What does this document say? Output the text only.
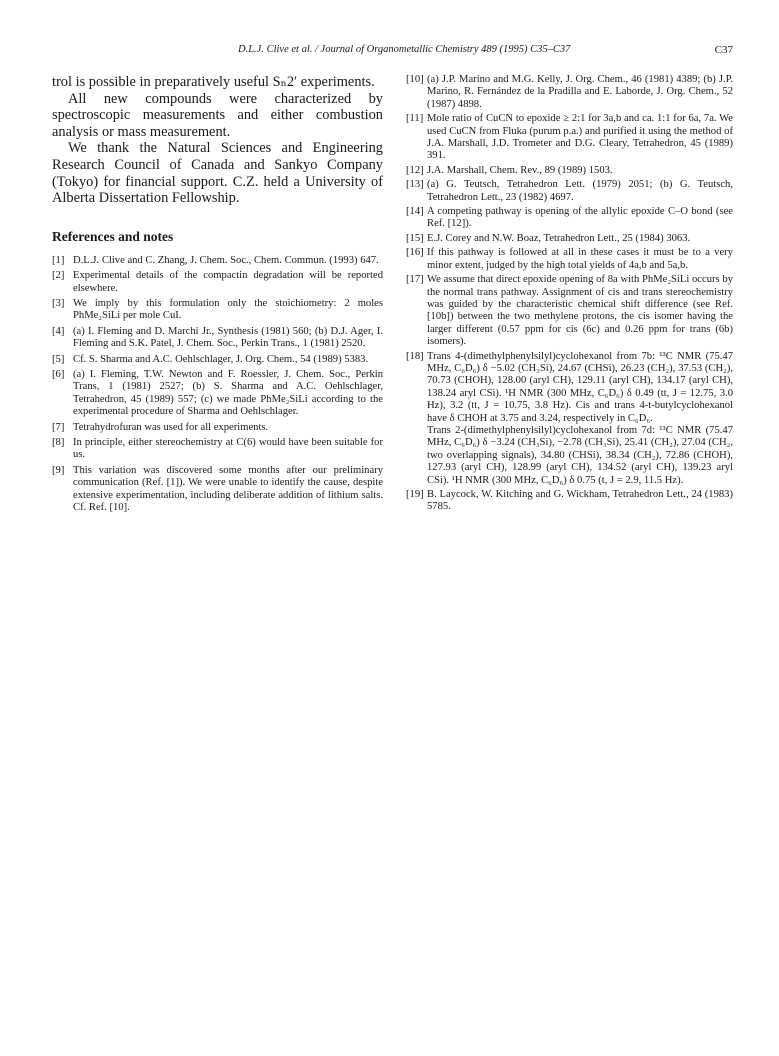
D.L.J. Clive et al. / Journal of Organometallic Chemistry 489 (1995) C35–C37	C37

trol is possible in preparatively useful Sₙ2′ experiments.

All new compounds were characterized by spectroscopic measurements and either combustion analysis or mass measurement.

We thank the Natural Sciences and Engineering Research Council of Canada and Sankyo Company (Tokyo) for financial support. C.Z. held a University of Alberta Dissertation Fellowship.

References and notes
[1] D.L.J. Clive and C. Zhang, J. Chem. Soc., Chem. Commun. (1993) 647.
[2] Experimental details of the compactin degradation will be reported elsewhere.
[3] We imply by this formulation only the stoichiometry: 2 moles PhMe₂SiLi per mole CuI.
[4] (a) I. Fleming and D. Marchi Jr., Synthesis (1981) 560; (b) D.J. Ager, I. Fleming and S.K. Patel, J. Chem. Soc., Perkin Trans., 1 (1981) 2520.
[5] Cf. S. Sharma and A.C. Oehlschlager, J. Org. Chem., 54 (1989) 5383.
[6] (a) I. Fleming, T.W. Newton and F. Roessler, J. Chem. Soc., Perkin Trans, 1 (1981) 2527; (b) S. Sharma and A.C. Oehlschlager, Tetrahedron, 45 (1989) 557; (c) we made PhMe₂SiLi according to the experimental procedure of Sharma and Oehlschlager.
[7] Tetrahydrofuran was used for all experiments.
[8] In principle, either stereochemistry at C(6) would have been suitable for us.
[9] This variation was discovered some months after our preliminary communication (Ref. [1]). We were unable to identify the cause, despite extensive experimentation, including deliberate addition of lithium salts. Cf. Ref. [10].
[10] (a) J.P. Marino and M.G. Kelly, J. Org. Chem., 46 (1981) 4389; (b) J.P. Marino, R. Fernández de la Pradilla and E. Laborde, J. Org. Chem., 52 (1987) 4898.
[11] Mole ratio of CuCN to epoxide ≥ 2:1 for 3a,b and ca. 1:1 for 6a, 7a. We used CuCN from Fluka (purum p.a.) and purified it using the method of J.A. Marshall, J.D. Trometer and D.G. Cleary, Tetrahedron, 45 (1989) 391.
[12] J.A. Marshall, Chem. Rev., 89 (1989) 1503.
[13] (a) G. Teutsch, Tetrahedron Lett. (1979) 2051; (b) G. Teutsch, Tetrahedron Lett., 23 (1982) 4697.
[14] A competing pathway is opening of the allylic epoxide C–O bond (see Ref. [12]).
[15] E.J. Corey and N.W. Boaz, Tetrahedron Lett., 25 (1984) 3063.
[16] If this pathway is followed at all in these cases it must be to a very minor extent, judged by the high total yields of 4a,b and 5a,b.
[17] We assume that direct epoxide opening of 8a with PhMe₂SiLi occurs by the normal trans pathway. Assignment of cis and trans stereochemistry was guided by the characteristic chemical shift difference (see Ref. [10b]) between the two methylene protons, the cis isomer having the larger different (0.57 ppm for cis (6c) and 0.26 ppm for trans (6b) isomers).
[18] Trans 4-(dimethylphenylsilyl)cyclohexanol from 7b: ¹³C NMR (75.47 MHz, C₆D₆) δ −5.02 (CH₃Si), 24.67 (CHSi), 26.23 (CH₂), 37.53 (CH₂), 70.73 (CHOH), 128.00 (aryl CH), 129.11 (aryl CH), 134.17 (aryl CH), 138.24 aryl CSi). ¹H NMR (300 MHz, C₆D₆) δ 0.49 (tt, J = 12.75, 3.0 Hz), 3.2 (tt, J = 10.75, 3.8 Hz). Cis and trans 4-t-butylcyclohexanol have δ CHOH at 3.75 and 3.24, respectively in C₆D₆.

Trans 2-(dimethylphenylsilyl)cyclohexanol from 7d: ¹³C NMR (75.47 MHz, C₆D₆) δ −3.24 (CH₃Si), −2.78 (CH₃Si), 25.41 (CH₂), 27.04 (CH₂, two overlapping signals), 34.80 (CHSi), 38.34 (CH₂), 72.86 (CHOH), 127.93 (aryl CH), 128.99 (aryl CH), 134.52 (aryl CH), 139.23 aryl CSi). ¹H NMR (300 MHz, C₆D₆) δ 0.75 (t, J = 2.9, 11.5 Hz).

[19] B. Laycock, W. Kitching and G. Wickham, Tetrahedron Lett., 24 (1983) 5785.
